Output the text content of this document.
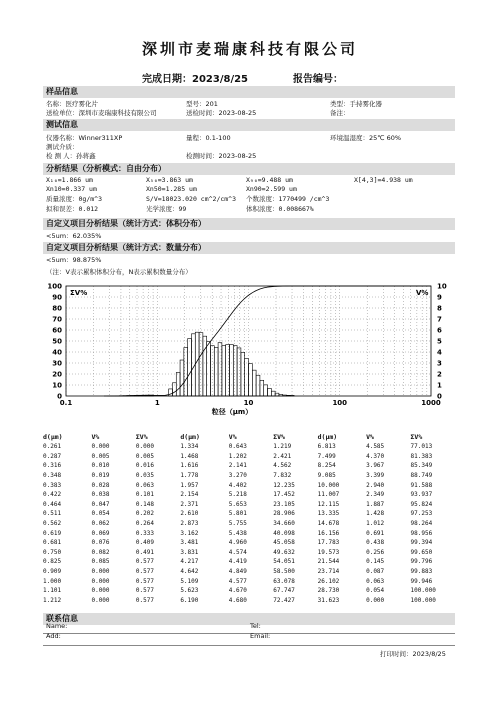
深圳市麦瑞康科技有限公司
完成日期：2023/8/25	报告编号：
样品信息
名称：医疗雾化片	型号：201	类型：手持雾化器
送检单位：深圳市麦瑞康科技有限公司	送检时间：2023-08-25	备注：
测试信息
仪器名称：Winner311XP	量程：0.1-100	环境温湿度：25℃ 60%
测试介质：
检 测 人：孙蒋鑫	检测时间：2023-08-25
分析结果（分析模式：自由分布）
X₁₀=1.866 um	X₅₀=3.863 um	X₉₀=9.488 um	X[4,3]=4.938 um
Xn10=0.337 um	Xn50=1.285 um	Xn90=2.599 um
质量浓度：0g/m^3	S/V=18023.020 cm^2/cm^3 个数浓度：1770499 /cm^3
拟和误差：0.012	光学浓度：99	体积浓度：0.008667%
自定义项目分析结果（统计方式：体积分布）
<5um：62.035%
自定义项目分析结果（统计方式：数量分布）
<5um：98.875%
（注：V表示累积体积分布，N表示累积数量分布）
100
90
80
70
60
50
40
30
20
10
0
10
9
8
7
6
5
4
3
2
1
0
0.1	1	10	100	1000
ΣV%	V%
粒径（μm）
d(μm)	V%	ΣV%	d(μm)	V%	ΣV%	d(μm)	V%	ΣV%
0.261	0.000	0.000	1.334	0.643	1.219	6.813	4.585	77.013
0.287	0.005	0.005	1.468	1.202	2.421	7.499	4.370	81.383
0.316	0.010	0.016	1.616	2.141	4.562	8.254	3.967	85.349
0.348	0.019	0.035	1.778	3.270	7.832	9.085	3.399	88.749
0.383	0.028	0.063	1.957	4.402	12.235	10.000	2.940	91.588
0.422	0.038	0.101	2.154	5.218	17.452	11.007	2.349	93.937
0.464	0.047	0.148	2.371	5.653	23.105	12.115	1.887	95.824
0.511	0.054	0.202	2.610	5.801	28.906	13.335	1.428	97.253
0.562	0.062	0.264	2.873	5.755	34.660	14.678	1.012	98.264
0.619	0.069	0.333	3.162	5.438	40.098	16.156	0.691	98.956
0.681	0.076	0.409	3.481	4.960	45.058	17.783	0.438	99.394
0.750	0.082	0.491	3.831	4.574	49.632	19.573	0.256	99.650
0.825	0.085	0.577	4.217	4.419	54.051	21.544	0.145	99.796
0.909	0.000	0.577	4.642	4.849	58.500	23.714	0.087	99.883
1.000	0.000	0.577	5.109	4.577	63.078	26.102	0.063	99.946
1.101	0.000	0.577	5.623	4.670	67.747	28.730	0.054	100.000
1.212	0.000	0.577	6.190	4.680	72.427	31.623	0.000	100.000
联系信息
Name:	Tel:
Add:	Email:
打印时间：2023/8/25
